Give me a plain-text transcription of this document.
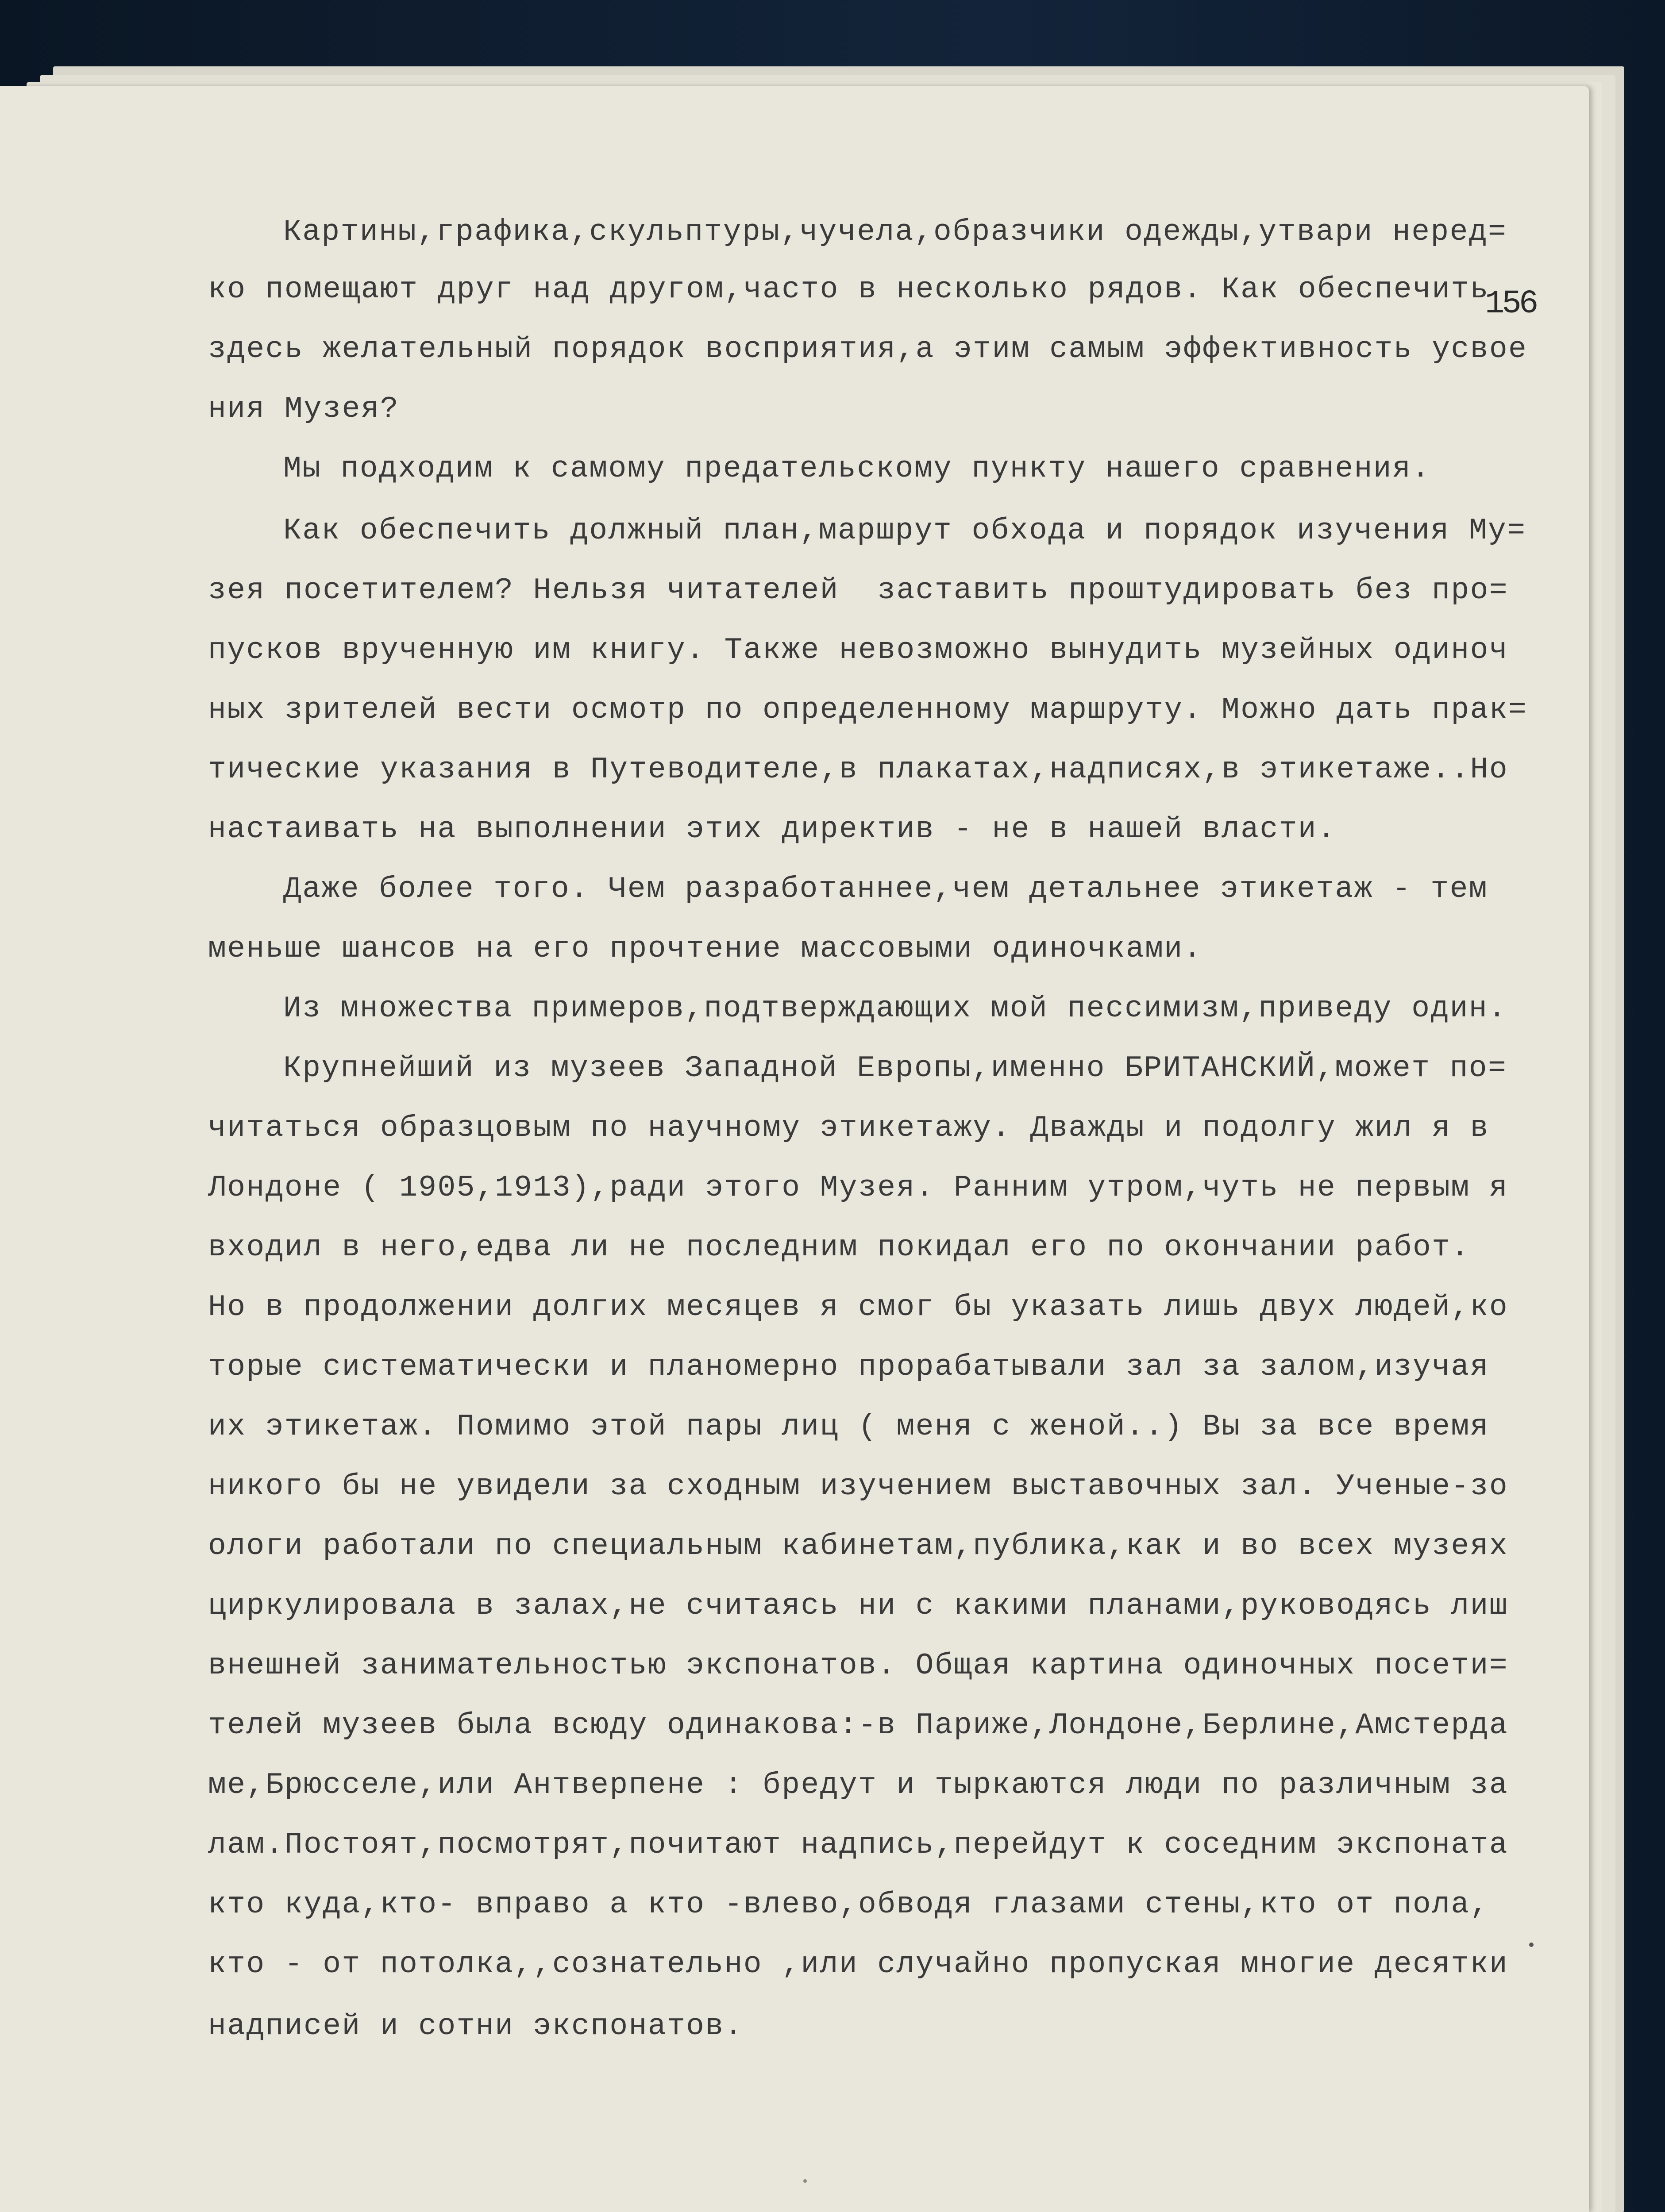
156
Картины,графика,скульптуры,чучела,образчики одежды,утвари неред=
ко помещают друг над другом,часто в несколько рядов. Как обеспечить
здесь желательный порядок восприятия,а этим самым эффективность усвое
ния Музея?
Мы подходим к самому предательскому пункту нашего сравнения.
Как обеспечить должный план,маршрут обхода и порядок изучения Му=
зея посетителем? Нельзя читателей  заставить проштудировать без про=
пусков врученную им книгу. Также невозможно вынудить музейных одиноч
ных зрителей вести осмотр по определенному маршруту. Можно дать прак=
тические указания в Путеводителе,в плакатах,надписях,в этикетаже..Но
настаивать на выполнении этих директив - не в нашей власти.
Даже более того. Чем разработаннее,чем детальнее этикетаж - тем
меньше шансов на его прочтение массовыми одиночками.
Из множества примеров,подтверждающих мой пессимизм,приведу один.
Крупнейший из музеев Западной Европы,именно БРИТАНСКИЙ,может по=
читаться образцовым по научному этикетажу. Дважды и подолгу жил я в
Лондоне ( 1905,1913),ради этого Музея. Ранним утром,чуть не первым я
входил в него,едва ли не последним покидал его по окончании работ.
Но в продолжении долгих месяцев я смог бы указать лишь двух людей,ко
торые систематически и планомерно прорабатывали зал за залом,изучая
их этикетаж. Помимо этой пары лиц ( меня с женой..) Вы за все время
никого бы не увидели за сходным изучением выставочных зал. Ученые-зо
ологи работали по специальным кабинетам,публика,как и во всех музеях
циркулировала в залах,не считаясь ни с какими планами,руководясь лиш
внешней занимательностью экспонатов. Общая картина одиночных посети=
телей музеев была всюду одинакова:-в Париже,Лондоне,Берлине,Амстерда
ме,Брюсселе,или Антверпене : бредут и тыркаются люди по различным за
лам.Постоят,посмотрят,почитают надпись,перейдут к соседним экспоната
кто куда,кто- вправо а кто -влево,обводя глазами стены,кто от пола,
кто - от потолка,,сознательно ,или случайно пропуская многие десятки
надписей и сотни экспонатов.
